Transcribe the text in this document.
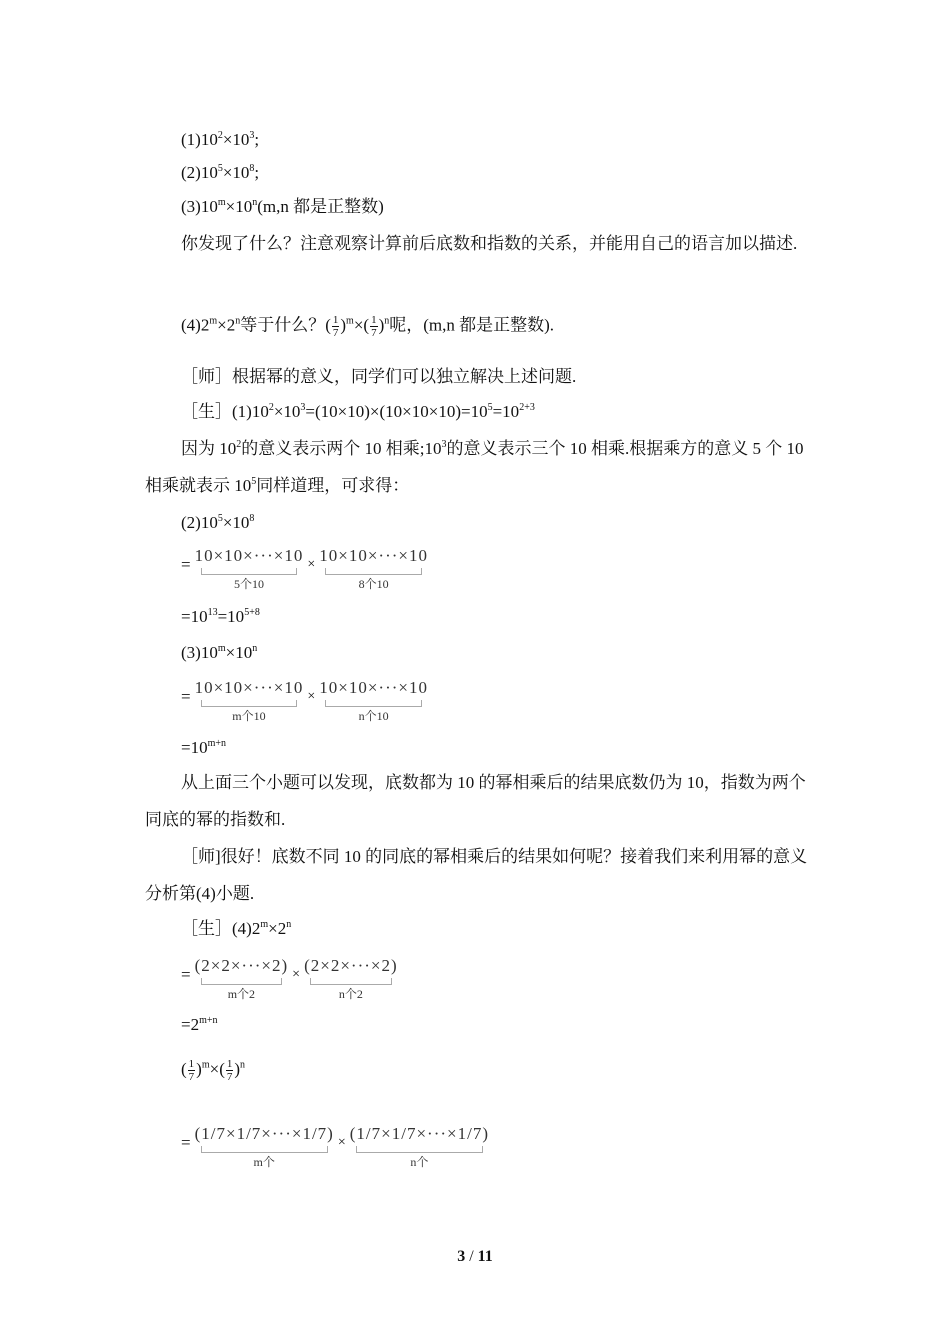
$(1)10^2\times 10^3$;
$(2)10^5\times 10^8$;
$(3)10^m\times 10^n(m,n$ 都是正整数)
你发现了什么？注意观察计算前后底数和指数的关系，并能用自己的语言加以描述.
$(4)2^m\times 2^n$等于什么？( $\frac{1}{7} )^m\times( \frac{1}{7} )^n$呢，(m,n 都是正整数).
［师］根据幂的意义，同学们可以独立解决上述问题.
［生$](1)10^2\times 10^3=(10\times 10)\times(10\times 10\times 10)=10^5=10^{2+3}$
因为 $10^2$的意义表示两个 10 相乘$;10^3$的意义表示三个 10 相乘.根据乘方的意义 5 个 10 相乘就表示 $10^5$同样道理，可求得：
$(2)10^5\times 10^8$
= 10×10×···×10
5个10
× 10×10×···×10
8个10
$=10^{13}=10^{5+8}$
$(3)10^m\times 10^n$
= 10×10×···×10
m个10
× 10×10×···×10
n个10
$=10^{m+n}$
从上面三个小题可以发现，底数都为 10 的幂相乘后的结果底数仍为 10，指数为两个同底的幂的指数和.
［师]很好！底数不同 10 的同底的幂相乘后的结果如何呢？接着我们来利用幂的意义分析第(4)小题.
［生$](4)2^m\times 2^n$
= (2×2×···×2)
m个2
× (2×2×···×2)
n个2
$=2^{m+n}$
( $\frac{1}{7} )^m\times( \frac{1}{7} )^n$
= (1/7×1/7×···×1/7)
m个
× (1/7×1/7×···×1/7)
n个
3 / 11
